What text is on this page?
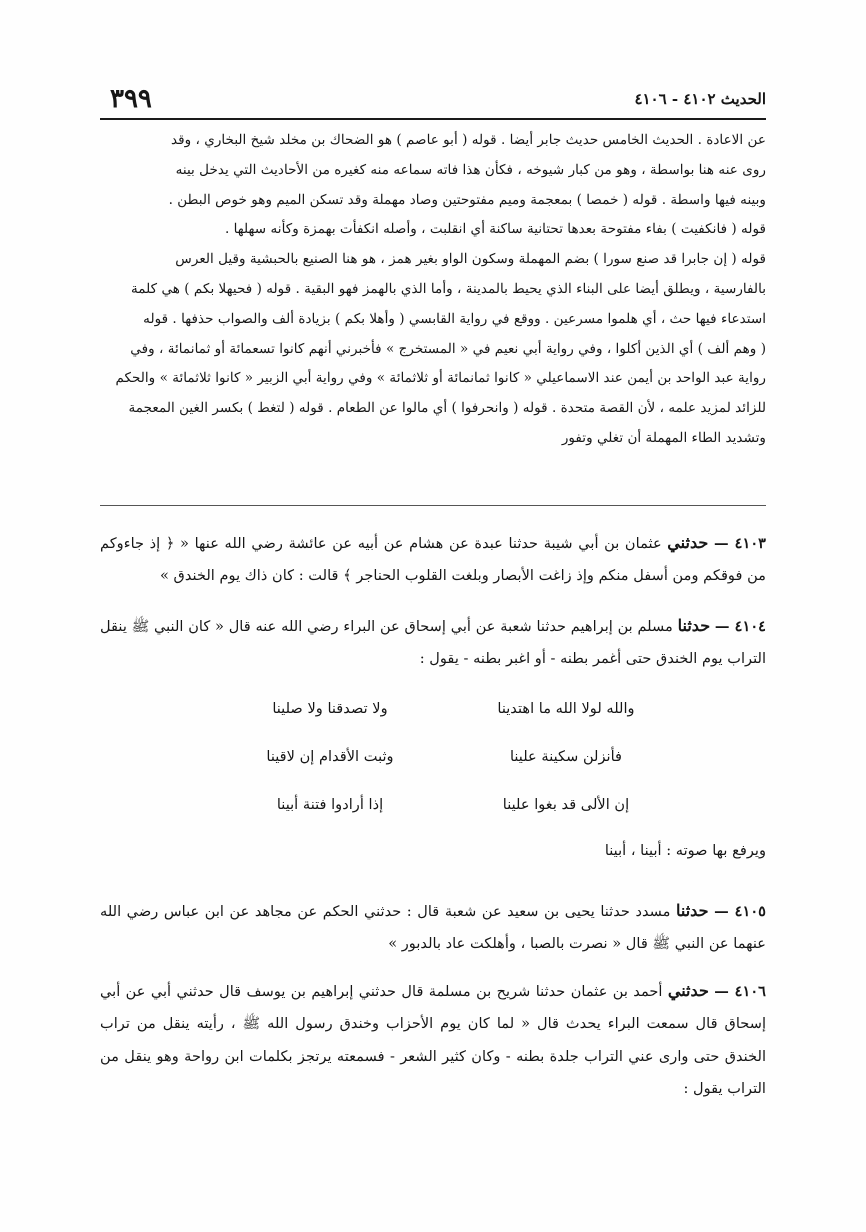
٣٩٩	الحديث ٤١٠٢ - ٤١٠٦
عن الاعادة . الحديث الخامس حديث جابر أيضا . قوله ( أبو عاصم ) هو الضحاك بن مخلد شيخ البخاري ، وقد
روى عنه هنا بواسطة ، وهو من كبار شيوخه ، فكأن هذا فاته سماعه منه كغيره من الأحاديث التي يدخل بينه
وبينه فيها واسطة . قوله ( خمصا ) بمعجمة وميم مفتوحتين وصاد مهملة وقد تسكن الميم وهو خوص البطن .
قوله ( فانكفيت ) بفاء مفتوحة بعدها تحتانية ساكنة أي انقلبت ، وأصله انكفأت بهمزة وكأنه سهلها .
قوله ( إن جابرا قد صنع سورا ) بضم المهملة وسكون الواو بغير همز ، هو هنا الصنيع بالحبشية وقيل العرس
بالفارسية ، ويطلق أيضا على البناء الذي يحيط بالمدينة ، وأما الذي بالهمز فهو البقية . قوله ( فحيهلا بكم ) هي كلمة
استدعاء فيها حث ، أي هلموا مسرعين . ووقع في رواية القابسي ( وأهلا بكم ) بزيادة ألف والصواب حذفها . قوله
( وهم ألف ) أي الذين أكلوا ، وفي رواية أبي نعيم في « المستخرج » فأخبرني أنهم كانوا تسعمائة أو ثمانمائة ، وفي
رواية عبد الواحد بن أيمن عند الاسماعيلي « كانوا ثمانمائة أو ثلاثمائة » وفي رواية أبي الزبير « كانوا ثلاثمائة » والحكم
للزائد لمزيد علمه ، لأن القصة متحدة . قوله ( وانحرفوا ) أي مالوا عن الطعام . قوله ( لتغط ) بكسر الغين المعجمة
وتشديد الطاء المهملة أن تغلي وتفور

٤١٠٣ — حدثني عثمان بن أبي شيبة حدثنا عبدة عن هشام عن أبيه عن عائشة رضي الله عنها « ﴿ إذ جاءوكم من فوقكم ومن أسفل منكم وإذ زاغت الأبصار وبلغت القلوب الحناجر ﴾ قالت : كان ذاك يوم الخندق »

٤١٠٤ — حدثنا مسلم بن إبراهيم حدثنا شعبة عن أبي إسحاق عن البراء رضي الله عنه قال « كان النبي ﷺ ينقل التراب يوم الخندق حتى أغمر بطنه - أو اغبر بطنه - يقول :

والله لولا الله ما اهتدينا
ولا تصدقنا ولا صلينا
فأنزلن سكينة علينا
وثبت الأقدام إن لاقينا
إن الألى قد بغوا علينا
إذا أرادوا فتنة أبينا
ويرفع بها صوته : أبينا ، أبينا

٤١٠٥ — حدثنا مسدد حدثنا يحيى بن سعيد عن شعبة قال : حدثني الحكم عن مجاهد عن ابن عباس رضي الله عنهما عن النبي ﷺ قال « نصرت بالصبا ، وأهلكت عاد بالدبور »

٤١٠٦ — حدثني أحمد بن عثمان حدثنا شريح بن مسلمة قال حدثني إبراهيم بن يوسف قال حدثني أبي عن أبي إسحاق قال سمعت البراء يحدث قال « لما كان يوم الأحزاب وخندق رسول الله ﷺ ، رأيته ينقل من تراب الخندق حتى وارى عني التراب جلدة بطنه - وكان كثير الشعر - فسمعته يرتجز بكلمات ابن رواحة وهو ينقل من التراب يقول :
